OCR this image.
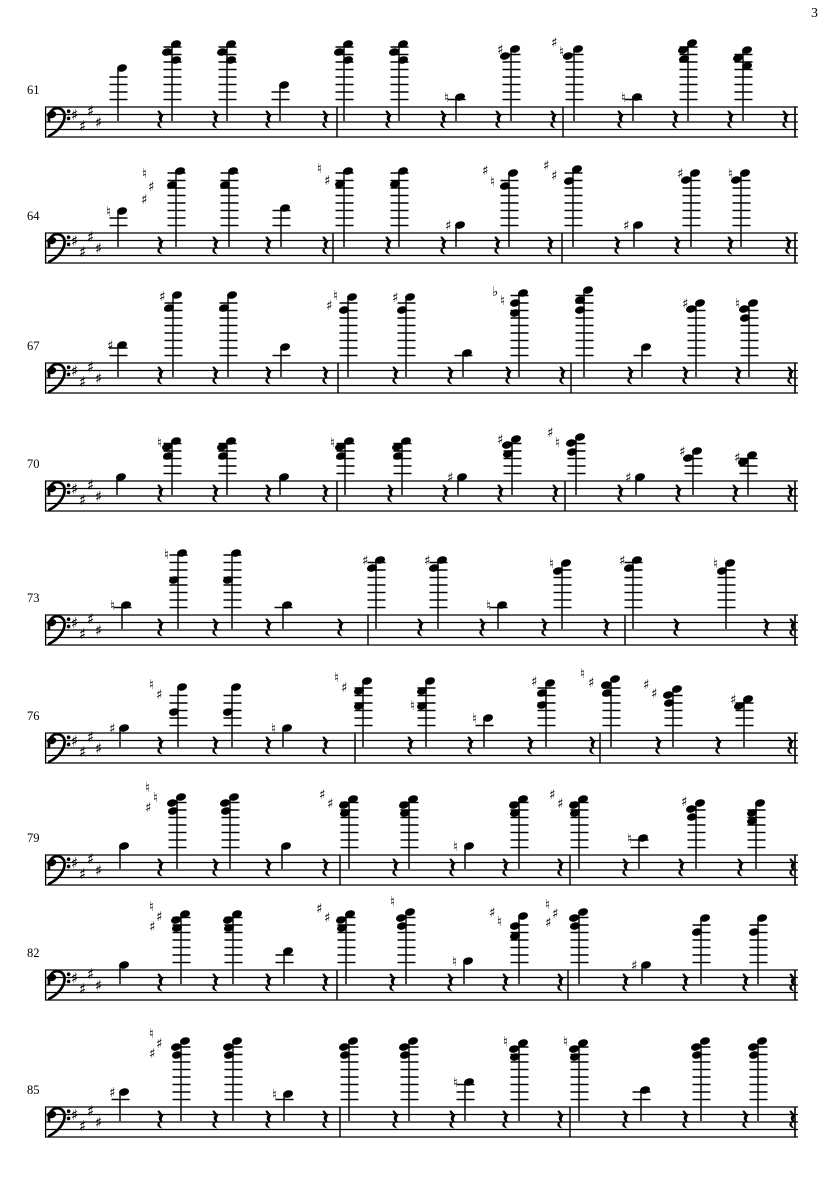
3
61
♯
♯
♯
♯
♮
♯	♯
♮
♮
64
♯
♯
♯
♯
♮
♮
♯
♯
♮
♯
♯
♯
♮
♯
♯
♯
♯	♮
67
♯
♯
♯
♯
♯
♯	♮
♯	♯	♭
♮	♯	♮
70
♯
♯
♯
♯
♮	♮
♯
♯	♯
♮
♯
♯	♯
73
♯
♯
♯
♯
♮
♮	♯	♯
♮
♮	♯	♮
76
♯
♯
♯
♯
♯
♮
♯
♮
♮
♯
♮
♮
♯	♮
♯	♯
♯	♯
79
♯
♯
♯
♯
♮
♮
♯
♯
♯
♮
♯
♯
♮
♯
82
♯
♯
♯
♯
♮
♯
♯
♯
♯
♮
♮
♯
♮
♮
♯
♯
♯
85
♯
♯
♯
♯
♯
♮
♯
♯
♮
♮
♮	♮
